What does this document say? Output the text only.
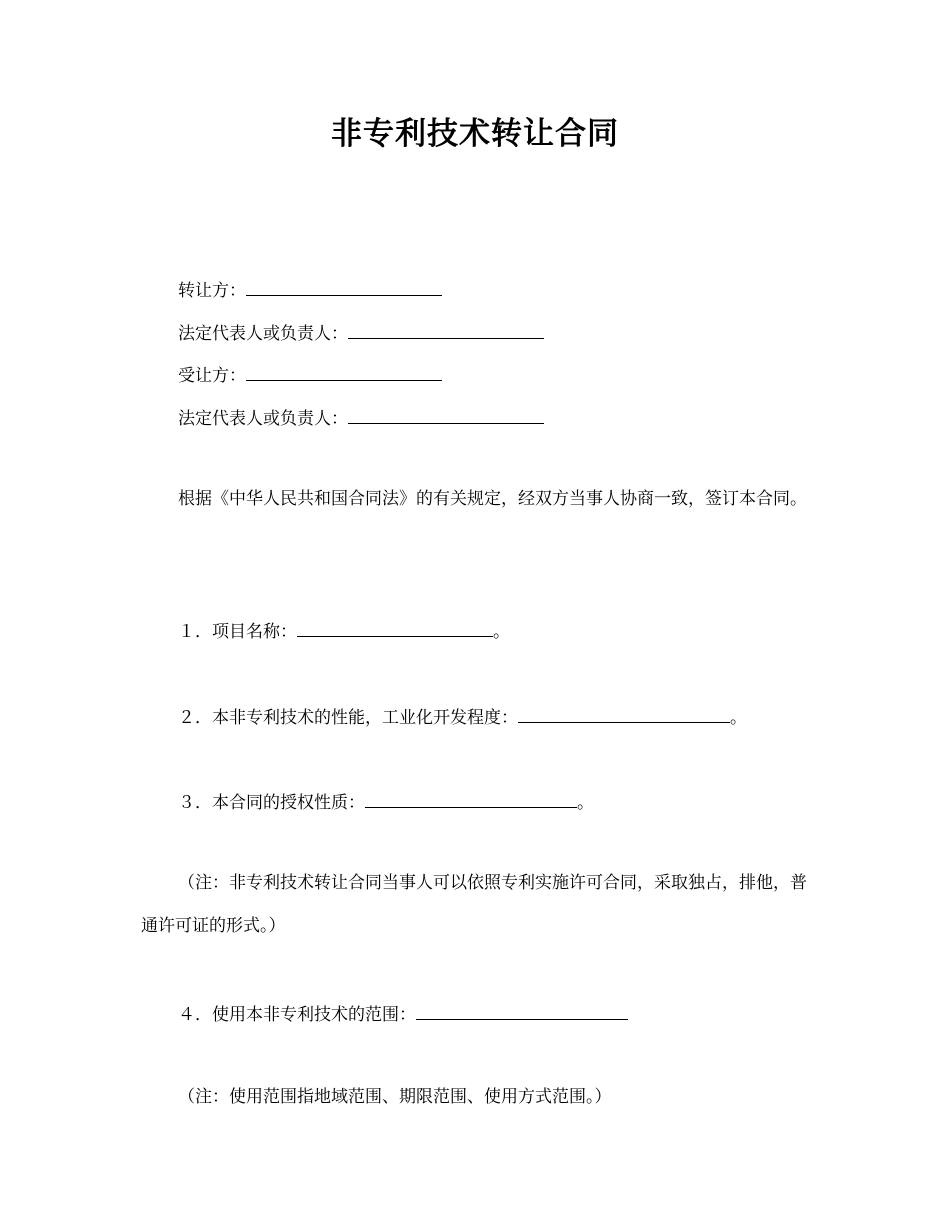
非专利技术转让合同
转让方：
法定代表人或负责人：
受让方：
法定代表人或负责人：
根据《中华人民共和国合同法》的有关规定，经双方当事人协商一致，签订本合同。
１．项目名称：	。
２．本非专利技术的性能，工业化开发程度：	。
３．本合同的授权性质：	。
（注：非专利技术转让合同当事人可以依照专利实施许可合同，采取独占，排他，普通许可证的形式。）
４．使用本非专利技术的范围：
（注：使用范围指地域范围、期限范围、使用方式范围。）
